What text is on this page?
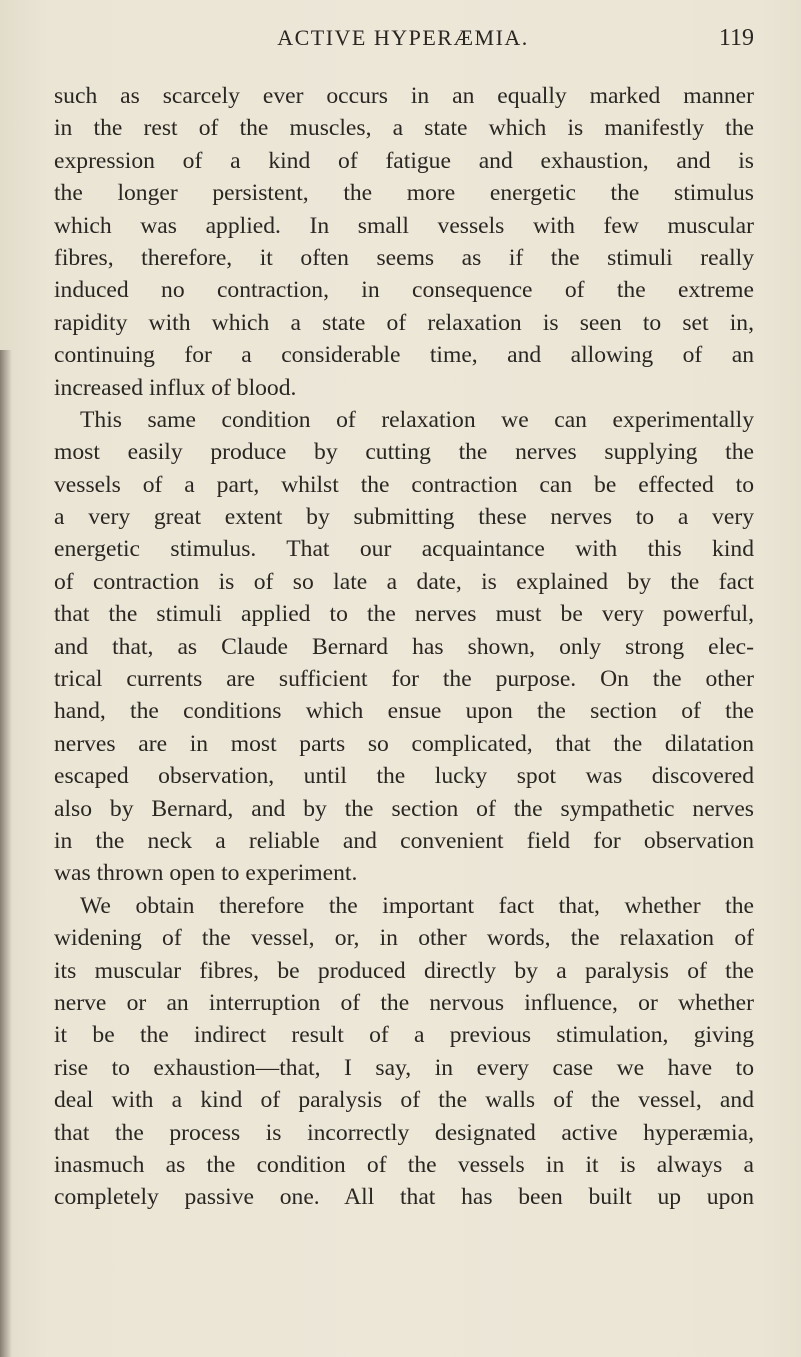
ACTIVE HYPERÆMIA.	119
such as scarcely ever occurs in an equally marked manner
in the rest of the muscles, a state which is manifestly the
expression of a kind of fatigue and exhaustion, and is
the longer persistent, the more energetic the stimulus
which was applied. In small vessels with few muscular
fibres, therefore, it often seems as if the stimuli really
induced no contraction, in consequence of the extreme
rapidity with which a state of relaxation is seen to set in,
continuing for a considerable time, and allowing of an
increased influx of blood.
This same condition of relaxation we can experimentally
most easily produce by cutting the nerves supplying the
vessels of a part, whilst the contraction can be effected to
a very great extent by submitting these nerves to a very
energetic stimulus. That our acquaintance with this kind
of contraction is of so late a date, is explained by the fact
that the stimuli applied to the nerves must be very powerful,
and that, as Claude Bernard has shown, only strong elec-
trical currents are sufficient for the purpose. On the other
hand, the conditions which ensue upon the section of the
nerves are in most parts so complicated, that the dilatation
escaped observation, until the lucky spot was discovered
also by Bernard, and by the section of the sympathetic nerves
in the neck a reliable and convenient field for observation
was thrown open to experiment.
We obtain therefore the important fact that, whether the
widening of the vessel, or, in other words, the relaxation of
its muscular fibres, be produced directly by a paralysis of the
nerve or an interruption of the nervous influence, or whether
it be the indirect result of a previous stimulation, giving
rise to exhaustion—that, I say, in every case we have to
deal with a kind of paralysis of the walls of the vessel, and
that the process is incorrectly designated active hyperæmia,
inasmuch as the condition of the vessels in it is always a
completely passive one. All that has been built up upon
